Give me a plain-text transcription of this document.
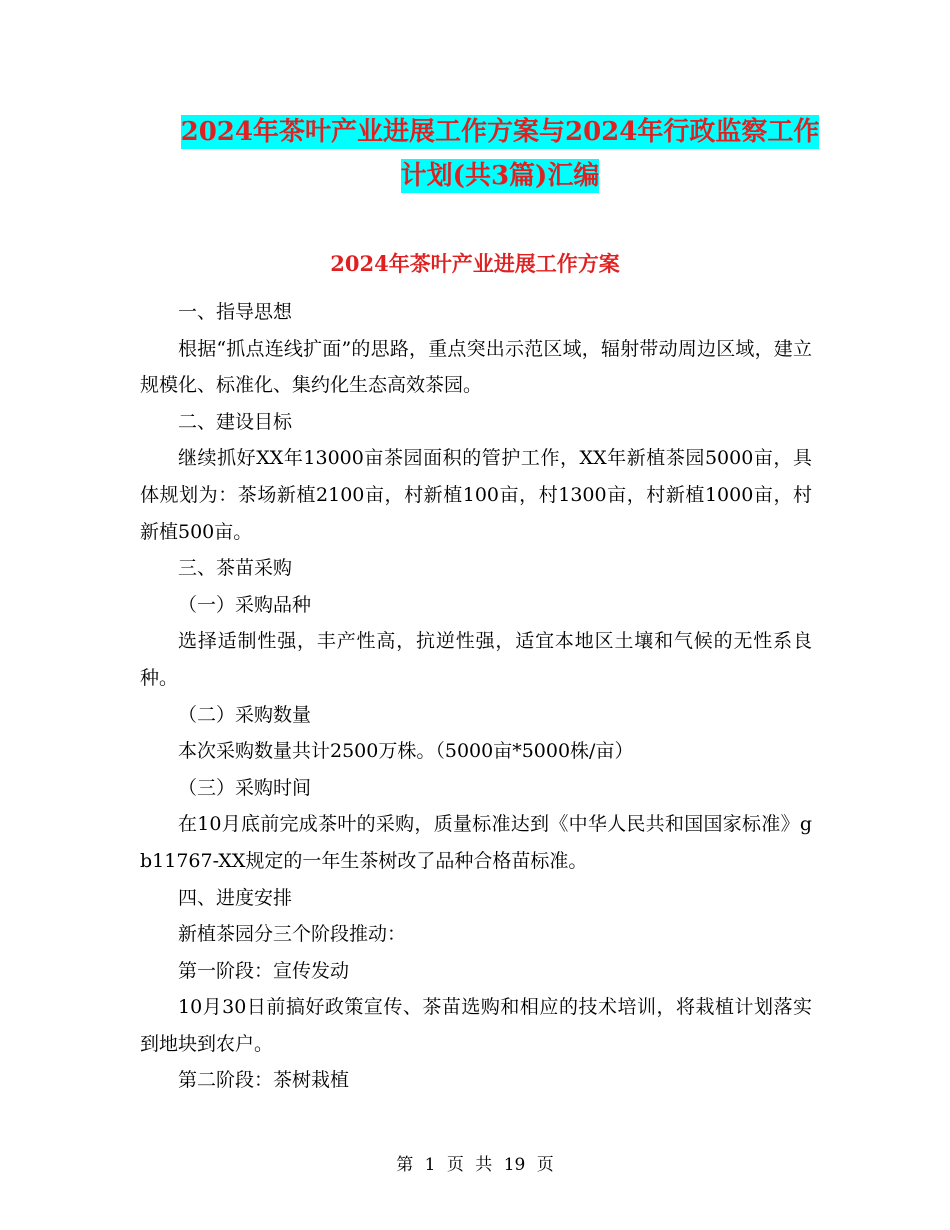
2024年茶叶产业进展工作方案与2024年行政监察工作
计划(共3篇)汇编
2024年茶叶产业进展工作方案

一、指导思想

根据“抓点连线扩面”的思路，重点突出示范区域，辐射带动周边区域，建立规模化、标准化、集约化生态高效茶园。

二、建设目标

继续抓好XX年13000亩茶园面积的管护工作，XX年新植茶园5000亩，具体规划为：茶场新植2100亩，村新植100亩，村1300亩，村新植1000亩，村新植500亩。

三、茶苗采购

（一）采购品种

选择适制性强，丰产性高，抗逆性强，适宜本地区土壤和气候的无性系良种。

（二）采购数量

本次采购数量共计2500万株。（5000亩*5000株/亩）

（三）采购时间

在10月底前完成茶叶的采购，质量标准达到《中华人民共和国国家标准》gb11767-XX规定的一年生茶树改了品种合格苗标准。

四、进度安排

新植茶园分三个阶段推动：

第一阶段：宣传发动

10月30日前搞好政策宣传、茶苗选购和相应的技术培训，将栽植计划落实到地块到农户。

第二阶段：茶树栽植

第 1 页 共 19 页
